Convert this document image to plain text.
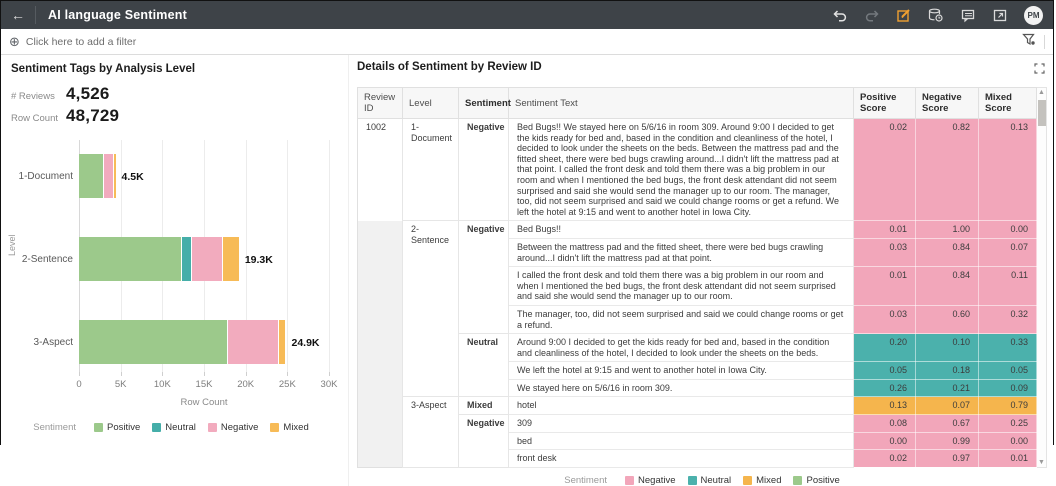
←	AI language Sentiment	PM
⊕ Click here to add a filter
Sentiment Tags by Analysis Level
# Reviews 4,526
Row Count 48,729
0	5K	10K	15K	20K	25K	30K
1-Document	4.5K
2-Sentence	19.3K
3-Aspect	24.9K
Level
Row Count
Sentiment	Positive	Neutral	Negative	Mixed
Details of Sentiment by Review ID
Review ID	Level	Sentiment	Sentiment Text	Positive Score	Negative Score	Mixed Score
1002	1-Document	Negative	Bed Bugs!! We stayed here on 5/6/16 in room 309. Around 9:00 I decided to get the kids ready for bed and, based in the condition and cleanliness of the hotel, I decided to look under the sheets on the beds. Between the mattress pad and the fitted sheet, there were bed bugs crawling around...I didn't lift the mattress pad at that point. I called the front desk and told them there was a big problem in our room and when I mentioned the bed bugs, the front desk attendant did not seem surprised and said she would send the manager up to our room. The manager, too, did not seem surprised and said we could change rooms or get a refund. We left the hotel at 9:15 and went to another hotel in Iowa City.	0.02	0.82	0.13
	2-Sentence	Negative	Bed Bugs!!	0.01	1.00	0.00
			Between the mattress pad and the fitted sheet, there were bed bugs crawling around...I didn't lift the mattress pad at that point.	0.03	0.84	0.07
			I called the front desk and told them there was a big problem in our room and when I mentioned the bed bugs, the front desk attendant did not seem surprised and said she would send the manager up to our room.	0.01	0.84	0.11
			The manager, too, did not seem surprised and said we could change rooms or get a refund.	0.03	0.60	0.32
		Neutral	Around 9:00 I decided to get the kids ready for bed and, based in the condition and cleanliness of the hotel, I decided to look under the sheets on the beds.	0.20	0.10	0.33
			We left the hotel at 9:15 and went to another hotel in Iowa City.	0.05	0.18	0.05
			We stayed here on 5/6/16 in room 309.	0.26	0.21	0.09
	3-Aspect	Mixed	hotel	0.13	0.07	0.79
		Negative	309	0.08	0.67	0.25
			bed	0.00	0.99	0.00
			front desk	0.02	0.97	0.01
▲
▼
Sentiment	Negative	Neutral	Mixed	Positive
